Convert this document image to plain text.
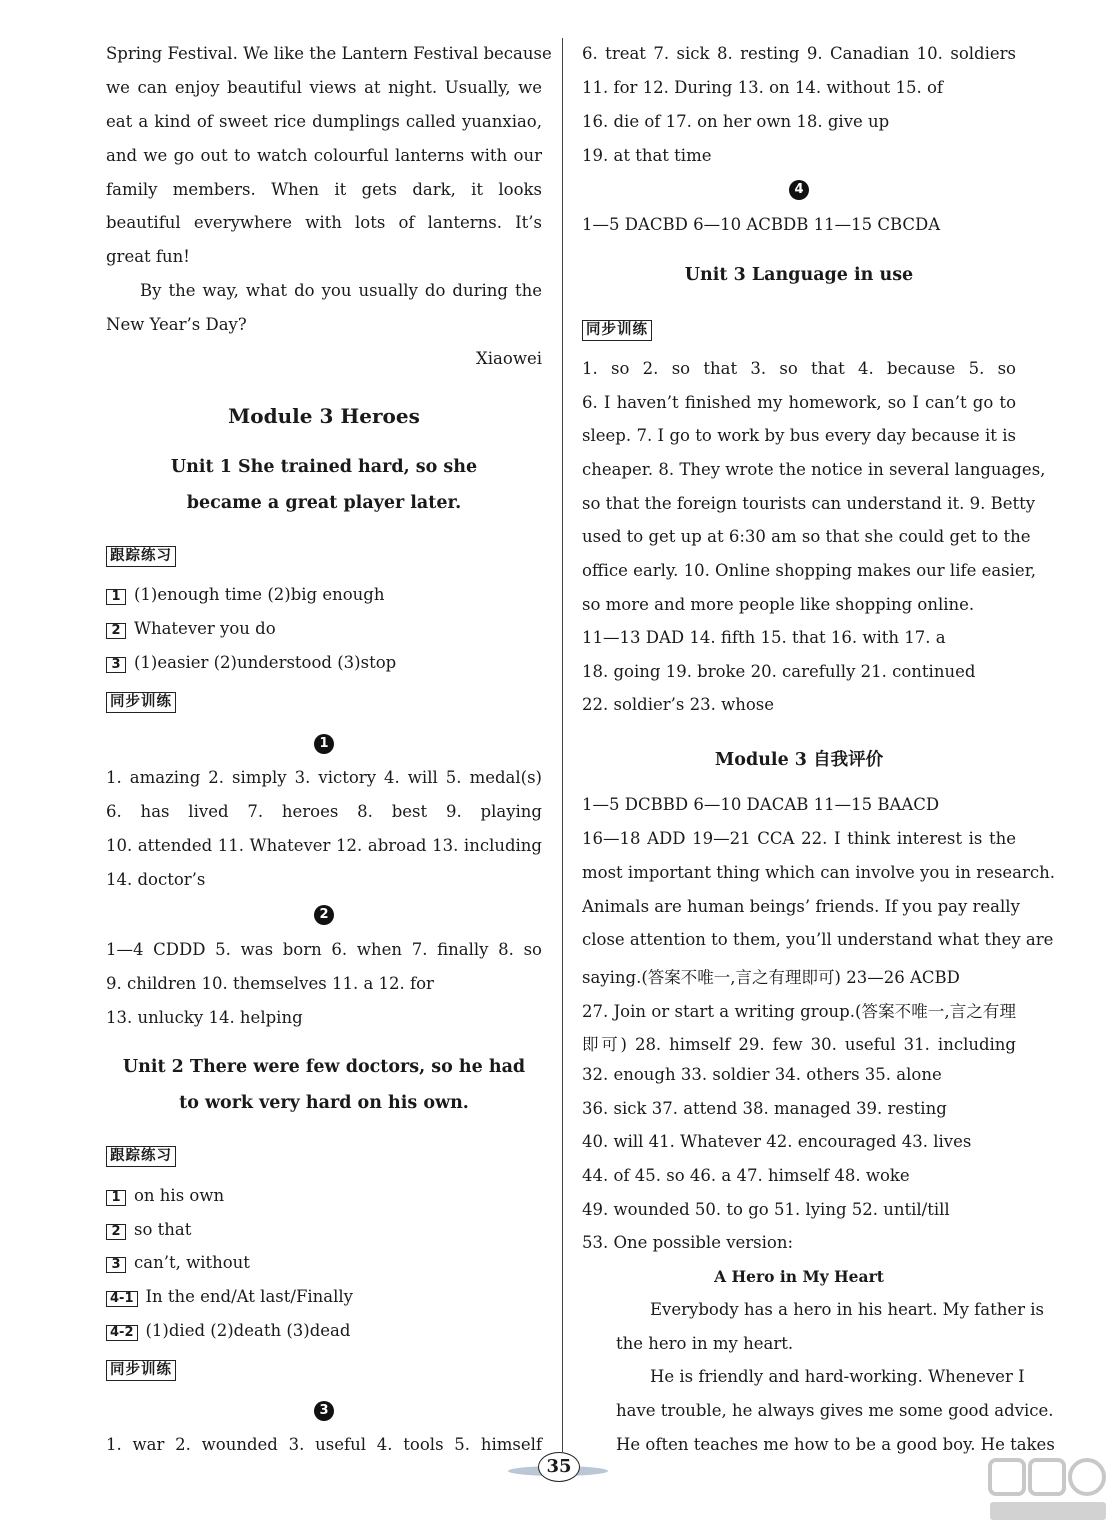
Spring Festival. We like the Lantern Festival because
we can enjoy beautiful views at night. Usually, we
eat a kind of sweet rice dumplings called yuanxiao,
and we go out to watch colourful lanterns with our
family members. When it gets dark, it looks
beautiful everywhere with lots of lanterns. It’s
great fun!
By the way, what do you usually do during the
New Year’s Day?
Xiaowei
Module 3 Heroes
Unit 1 She trained hard, so she
became a great player later.
跟踪练习
1 (1)enough time (2)big enough
2 Whatever you do
3 (1)easier (2)understood (3)stop
同步训练
1
1. amazing 2. simply 3. victory 4. will 5. medal(s)
6. has lived 7. heroes 8. best 9. playing
10. attended 11. Whatever 12. abroad 13. including
14. doctor’s
2
1—4 CDDD 5. was born 6. when 7. finally 8. so
9. children 10. themselves 11. a 12. for
13. unlucky 14. helping
Unit 2 There were few doctors, so he had
to work very hard on his own.
跟踪练习
1 on his own
2 so that
3 can’t, without
4-1 In the end/At last/Finally
4-2 (1)died (2)death (3)dead
同步训练
3
1. war 2. wounded 3. useful 4. tools 5. himself
6. treat 7. sick 8. resting 9. Canadian 10. soldiers
11. for 12. During 13. on 14. without 15. of
16. die of 17. on her own 18. give up
19. at that time
4
1—5 DACBD 6—10 ACBDB 11—15 CBCDA
Unit 3 Language in use
同步训练
1. so 2. so that 3. so that 4. because 5. so
6. I haven’t finished my homework, so I can’t go to
sleep. 7. I go to work by bus every day because it is
cheaper. 8. They wrote the notice in several languages,
so that the foreign tourists can understand it. 9. Betty
used to get up at 6:30 am so that she could get to the
office early. 10. Online shopping makes our life easier,
so more and more people like shopping online.
11—13 DAD 14. fifth 15. that 16. with 17. a
18. going 19. broke 20. carefully 21. continued
22. soldier’s 23. whose
Module 3 自我评价
1—5 DCBBD 6—10 DACAB 11—15 BAACD
16—18 ADD 19—21 CCA 22. I think interest is the
most important thing which can involve you in research.
Animals are human beings’ friends. If you pay really
close attention to them, you’ll understand what they are
saying.(答案不唯一,言之有理即可) 23—26 ACBD
27. Join or start a writing group.(答案不唯一,言之有理
即可) 28. himself 29. few 30. useful 31. including
32. enough 33. soldier 34. others 35. alone
36. sick 37. attend 38. managed 39. resting
40. will 41. Whatever 42. encouraged 43. lives
44. of 45. so 46. a 47. himself 48. woke
49. wounded 50. to go 51. lying 52. until/till
53. One possible version:
A Hero in My Heart
Everybody has a hero in his heart. My father is
the hero in my heart.
He is friendly and hard-working. Whenever I
have trouble, he always gives me some good advice.
He often teaches me how to be a good boy. He takes
35
